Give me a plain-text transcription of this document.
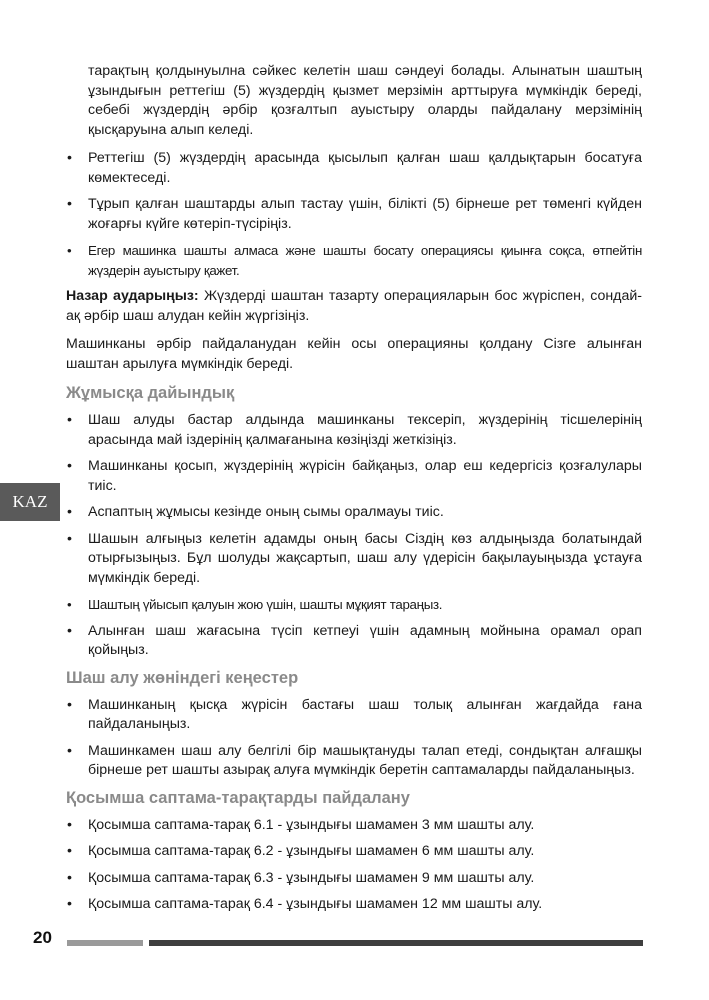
тарақтың қолдынуылна сәйкес келетін шаш сәндеуі болады. Алынатын шаштың ұзындығын реттегіш (5) жүздердің қызмет мерзімін арттыруға мүмкіндік береді, себебі жүздердің әрбір қозғалтып ауыстыру оларды пайдалану мерзімінің қысқаруына алып келеді.

• Реттегіш (5) жүздердің арасында қысылып қалған шаш қалдықтарын босатуға көмектеседі.
• Тұрып қалған шаштарды алып тастау үшін, білікті (5) бірнеше рет төменгі күйден жоғарғы күйге көтеріп-түсіріңіз.
• Егер машинка шашты алмаса және шашты босату операциясы қиынға соқса, өтпейтін жүздерін ауыстыру қажет.

Назар аударыңыз: Жүздерді шаштан тазарту операцияларын бос жүріспен, сондай-ақ әрбір шаш алудан кейін жүргізіңіз.

Машинканы әрбір пайдаланудан кейін осы операцияны қолдану Сізге алынған шаштан арылуға мүмкіндік береді.

Жұмысқа дайындық
• Шаш алуды бастар алдында машинканы тексеріп, жүздерінің тісшелерінің арасында май іздерінің қалмағанына көзіңізді жеткізіңіз.
• Машинканы қосып, жүздерінің жүрісін байқаңыз, олар еш кедергісіз қозғалулары тиіс.
• Аспаптың жұмысы кезінде оның сымы оралмауы тиіс.
• Шашын алғыңыз келетін адамды оның басы Сіздің көз алдыңызда болатындай отырғызыңыз. Бұл шолуды жақсартып, шаш алу үдерісін бақылауыңызда ұстауға мүмкіндік береді.
• Шаштың үйысып қалуын жою үшін, шашты мұқият тараңыз.
• Алынған шаш жағасына түсіп кетпеуі үшін адамның мойнына орамал орап қойыңыз.
Шаш алу жөніндегі кеңестер
• Машинканың қысқа жүрісін бастағы шаш толық алынған жағдайда ғана пайдаланыңыз.
• Машинкамен шаш алу белгілі бір машықтануды талап етеді, сондықтан алғашқы бірнеше рет шашты азырақ алуға мүмкіндік беретін саптамаларды пайдаланыңыз.
Қосымша саптама-тарақтарды пайдалану
• Қосымша саптама-тарақ 6.1 - ұзындығы шамамен 3 мм шашты алу.
• Қосымша саптама-тарақ 6.2 - ұзындығы шамамен 6 мм шашты алу.
• Қосымша саптама-тарақ 6.3 - ұзындығы шамамен 9 мм шашты алу.
• Қосымша саптама-тарақ 6.4 - ұзындығы шамамен 12 мм шашты алу.
KAZ
20
